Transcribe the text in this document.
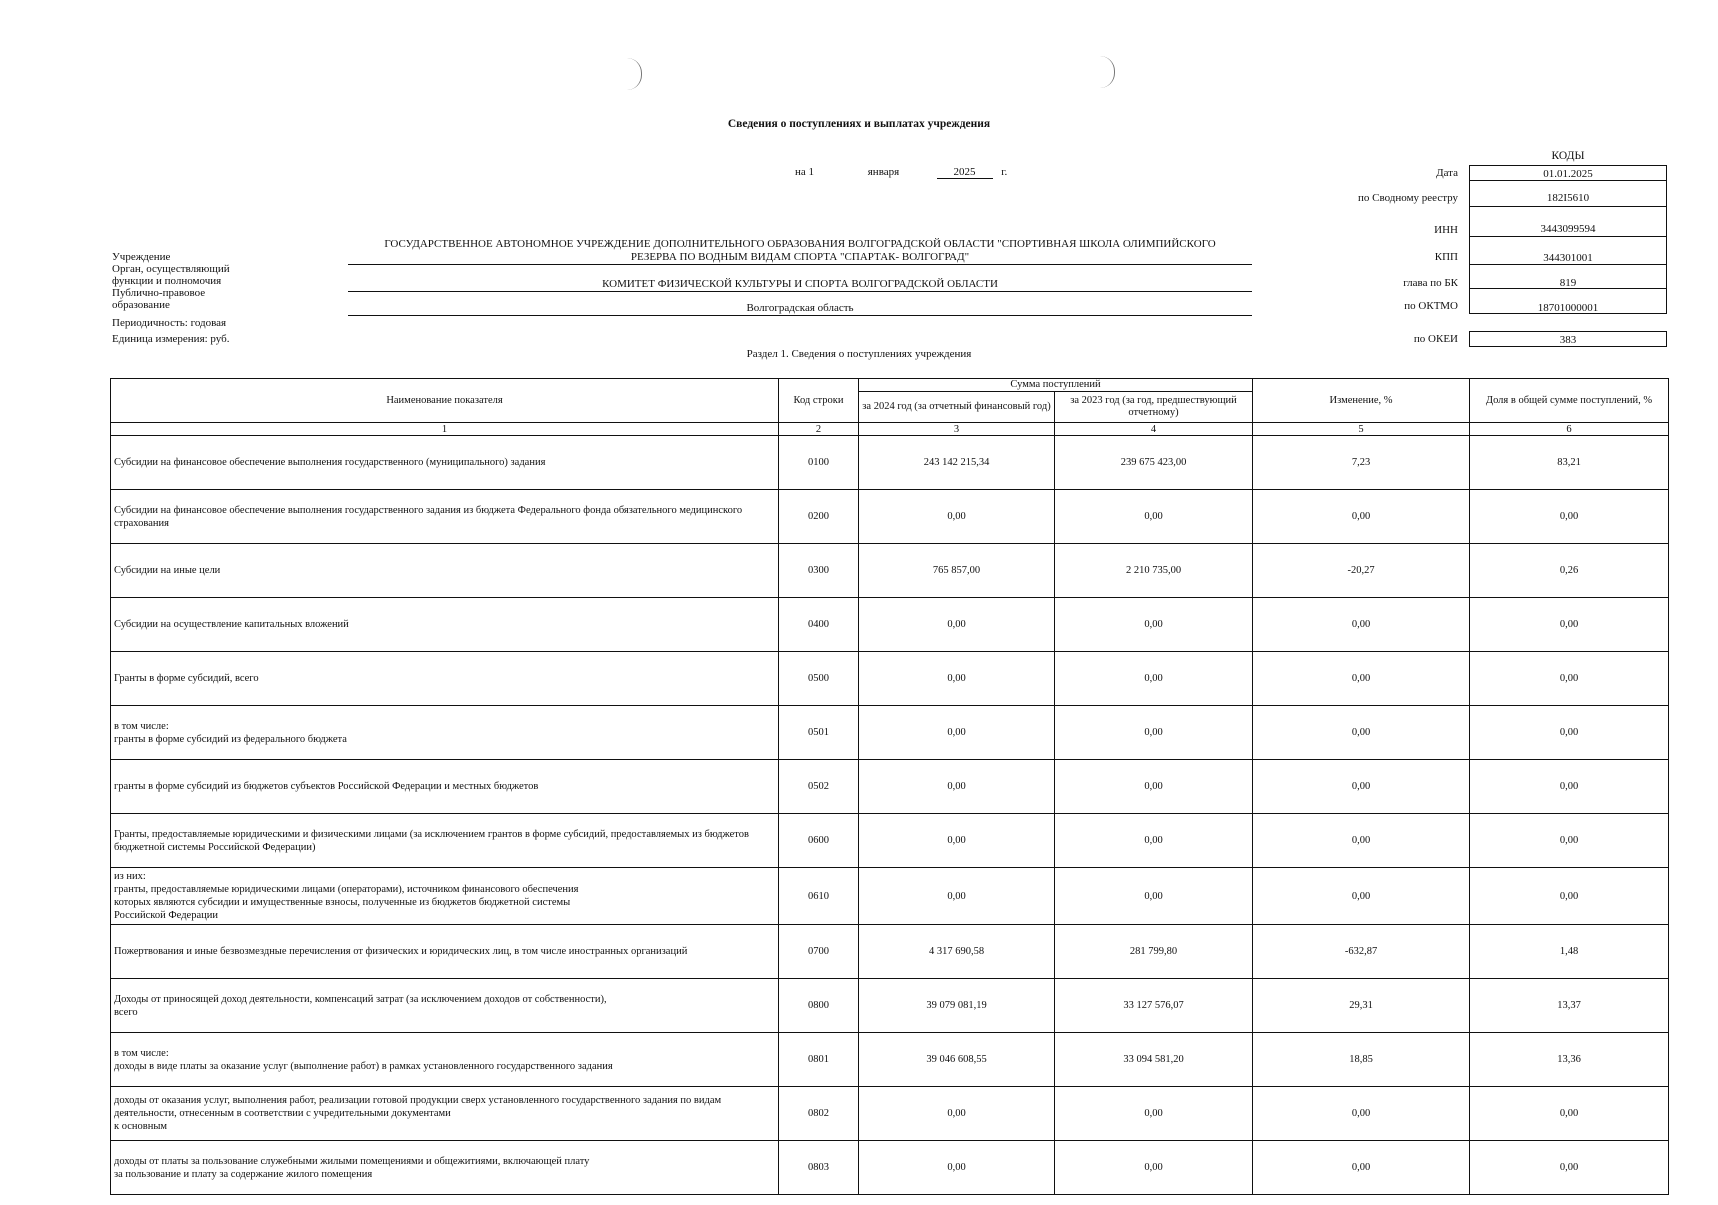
Сведения о поступлениях и выплатах учреждения
на 1	января	2025 г.
КОДЫ
Дата	01.01.2025
по Сводному реестру	182I5610
ИНН	3443099594
КПП	344301001
глава по БК	819
по ОКТМО	18701000001
по ОКЕИ	383
Учреждение
Орган, осуществляющий функции и полномочия
Публично-правовое образование
Периодичность: годовая
Единица измерения: руб.
ГОСУДАРСТВЕННОЕ АВТОНОМНОЕ УЧРЕЖДЕНИЕ ДОПОЛНИТЕЛЬНОГО ОБРАЗОВАНИЯ ВОЛГОГРАДСКОЙ ОБЛАСТИ "СПОРТИВНАЯ ШКОЛА ОЛИМПИЙСКОГО
РЕЗЕРВА ПО ВОДНЫМ ВИДАМ СПОРТА "СПАРТАК- ВОЛГОГРАД"
КОМИТЕТ ФИЗИЧЕСКОЙ КУЛЬТУРЫ И СПОРТА ВОЛГОГРАДСКОЙ ОБЛАСТИ
Волгоградская область
Раздел 1. Сведения о поступлениях учреждения
Наименование показателя	Код строки	Сумма поступлений		Изменение, %	Доля в общей сумме поступлений, %
		за 2024 год (за отчетный финансовый год)	за 2023 год (за год, предшествующий отчетному)		
1	2	3	4	5	6
Субсидии на финансовое обеспечение выполнения государственного (муниципального) задания	0100	243 142 215,34	239 675 423,00	7,23	83,21
Субсидии на финансовое обеспечение выполнения государственного задания из бюджета Федерального фонда обязательного медицинского страхования	0200	0,00	0,00	0,00	0,00
Субсидии на иные цели	0300	765 857,00	2 210 735,00	-20,27	0,26
Субсидии на осуществление капитальных вложений	0400	0,00	0,00	0,00	0,00
Гранты в форме субсидий, всего	0500	0,00	0,00	0,00	0,00
в том числе:
гранты в форме субсидий из федерального бюджета	0501	0,00	0,00	0,00	0,00
гранты в форме субсидий из бюджетов субъектов Российской Федерации и местных бюджетов	0502	0,00	0,00	0,00	0,00
Гранты, предоставляемые юридическими и физическими лицами (за исключением грантов в форме субсидий, предоставляемых из бюджетов бюджетной системы Российской Федерации)	0600	0,00	0,00	0,00	0,00
из них:
гранты, предоставляемые юридическими лицами (операторами), источником финансового обеспечения
которых являются субсидии и имущественные взносы, полученные из бюджетов бюджетной системы
Российской Федерации	0610	0,00	0,00	0,00	0,00
Пожертвования и иные безвозмездные перечисления от физических и юридических лиц, в том числе иностранных организаций	0700	4 317 690,58	281 799,80	-632,87	1,48
Доходы от приносящей доход деятельности, компенсаций затрат (за исключением доходов от собственности),
всего	0800	39 079 081,19	33 127 576,07	29,31	13,37
в том числе:
доходы в виде платы за оказание услуг (выполнение работ) в рамках установленного государственного задания	0801	39 046 608,55	33 094 581,20	18,85	13,36
доходы от оказания услуг, выполнения работ, реализации готовой продукции сверх установленного государственного задания по видам деятельности, отнесенным в соответствии с учредительными документами
к основным	0802	0,00	0,00	0,00	0,00
доходы от платы за пользование служебными жилыми помещениями и общежитиями, включающей плату
за пользование и плату за содержание жилого помещения	0803	0,00	0,00	0,00	0,00
